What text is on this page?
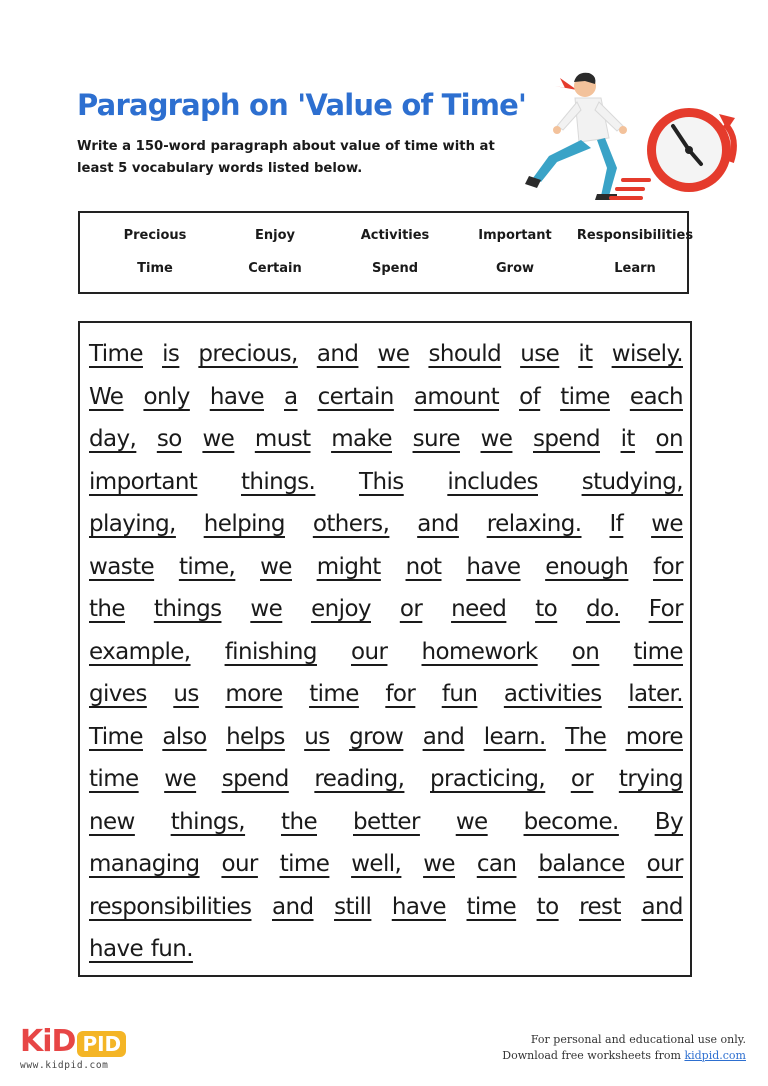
Paragraph on 'Value of Time'
Write a 150-word paragraph about value of time with at least 5 vocabulary words listed below.
Precious	Enjoy	Activities	Important	Responsibilities
Time	Certain	Spend	Grow	Learn
Time is precious, and we should use it wisely.
We only have a certain amount of time each
day, so we must make sure we spend it on
important things. This includes studying,
playing, helping others, and relaxing. If we
waste time, we might not have enough for
the things we enjoy or need to do. For
example, finishing our homework on time
gives us more time for fun activities later.
Time also helps us grow and learn. The more
time we spend reading, practicing, or trying
new things, the better we become. By
managing our time well, we can balance our
responsibilities and still have time to rest and
have fun.
KiD PID
www.kidpid.com
For personal and educational use only.
Download free worksheets from kidpid.com
